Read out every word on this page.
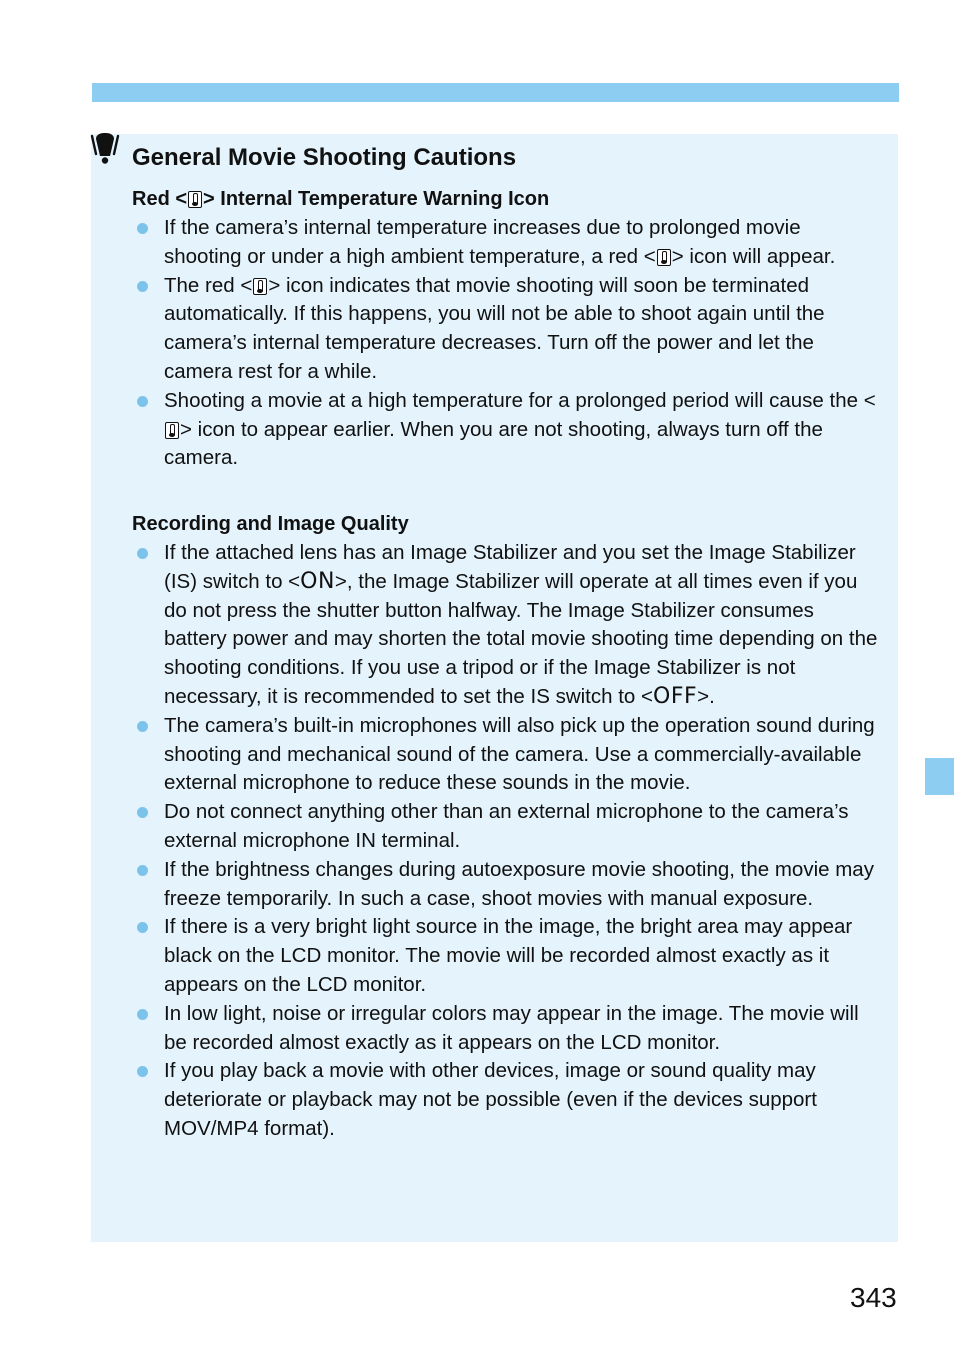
General Movie Shooting Cautions
Red < > Internal Temperature Warning Icon
If the camera’s internal temperature increases due to prolonged movie shooting or under a high ambient temperature, a red < > icon will appear.
The red < > icon indicates that movie shooting will soon be terminated automatically. If this happens, you will not be able to shoot again until the camera’s internal temperature decreases. Turn off the power and let the camera rest for a while.
Shooting a movie at a high temperature for a prolonged period will cause the <> icon to appear earlier. When you are not shooting, always turn off the camera.
Recording and Image Quality
If the attached lens has an Image Stabilizer and you set the Image Stabilizer (IS) switch to <ON>, the Image Stabilizer will operate at all times even if you do not press the shutter button halfway. The Image Stabilizer consumes battery power and may shorten the total movie shooting time depending on the shooting conditions. If you use a tripod or if the Image Stabilizer is not necessary, it is recommended to set the IS switch to <OFF>.
The camera’s built-in microphones will also pick up the operation sound during shooting and mechanical sound of the camera. Use a commercially-available external microphone to reduce these sounds in the movie.
Do not connect anything other than an external microphone to the camera’s external microphone IN terminal.
If the brightness changes during autoexposure movie shooting, the movie may freeze temporarily. In such a case, shoot movies with manual exposure.
If there is a very bright light source in the image, the bright area may appear black on the LCD monitor. The movie will be recorded almost exactly as it appears on the LCD monitor.
In low light, noise or irregular colors may appear in the image. The movie will be recorded almost exactly as it appears on the LCD monitor.
If you play back a movie with other devices, image or sound quality may deteriorate or playback may not be possible (even if the devices support MOV/MP4 format).

343
